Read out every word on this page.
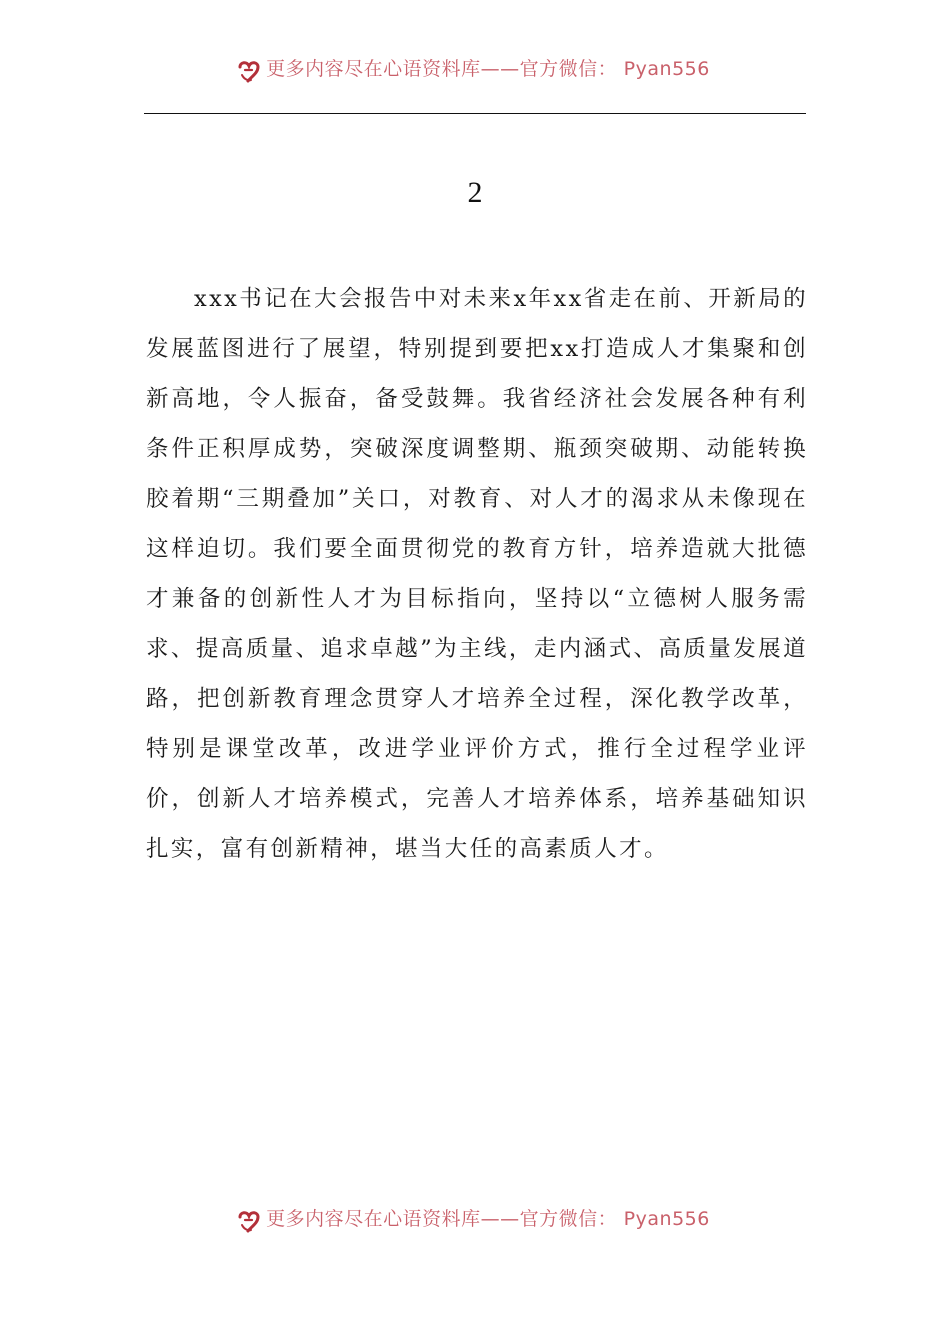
更多内容尽在心语资料库——官方微信： Pyan556
2

xxx书记在大会报告中对未来x年xx省走在前、开新局的发展蓝图进行了展望，特别提到要把xx打造成人才集聚和创新高地，令人振奋，备受鼓舞。我省经济社会发展各种有利条件正积厚成势，突破深度调整期、瓶颈突破期、动能转换胶着期“三期叠加”关口，对教育、对人才的渴求从未像现在这样迫切。我们要全面贯彻党的教育方针，培养造就大批德才兼备的创新性人才为目标指向，坚持以“立德树人服务需求、提高质量、追求卓越”为主线，走内涵式、高质量发展道路，把创新教育理念贯穿人才培养全过程，深化教学改革，特别是课堂改革，改进学业评价方式，推行全过程学业评价，创新人才培养模式，完善人才培养体系，培养基础知识扎实，富有创新精神，堪当大任的高素质人才。

更多内容尽在心语资料库——官方微信： Pyan556
